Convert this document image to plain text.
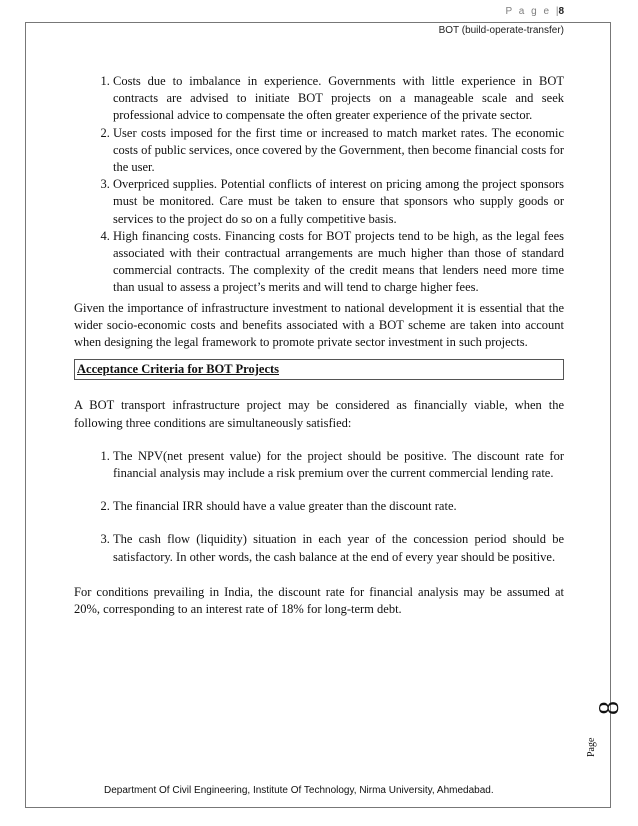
P a g e |8
BOT (build-operate-transfer)
1. Costs due to imbalance in experience. Governments with little experience in BOT contracts are advised to initiate BOT projects on a manageable scale and seek professional advice to compensate the often greater experience of the private sector.
2. User costs imposed for the first time or increased to match market rates. The economic costs of public services, once covered by the Government, then become financial costs for the user.
3. Overpriced supplies. Potential conflicts of interest on pricing among the project sponsors must be monitored. Care must be taken to ensure that sponsors who supply goods or services to the project do so on a fully competitive basis.
4. High financing costs. Financing costs for BOT projects tend to be high, as the legal fees associated with their contractual arrangements are much higher than those of standard commercial contracts. The complexity of the credit means that lenders need more time than usual to assess a project’s merits and will tend to charge higher fees.

Given the importance of infrastructure investment to national development it is essential that the wider socio-economic costs and benefits associated with a BOT scheme are taken into account when designing the legal framework to promote private sector investment in such projects.

Acceptance Criteria for BOT Projects

A BOT transport infrastructure project may be considered as financially viable, when the following three conditions are simultaneously satisfied:

1. The NPV(net present value) for the project should be positive. The discount rate for financial analysis may include a risk premium over the current commercial lending rate.
2. The financial IRR should have a value greater than the discount rate.
3. The cash flow (liquidity) situation in each year of the concession period should be satisfactory. In other words, the cash balance at the end of every year should be positive.

For conditions prevailing in India, the discount rate for financial analysis may be assumed at 20%, corresponding to an interest rate of 18% for long-term debt.

8
Page
Department Of Civil Engineering, Institute Of Technology, Nirma University, Ahmedabad.
